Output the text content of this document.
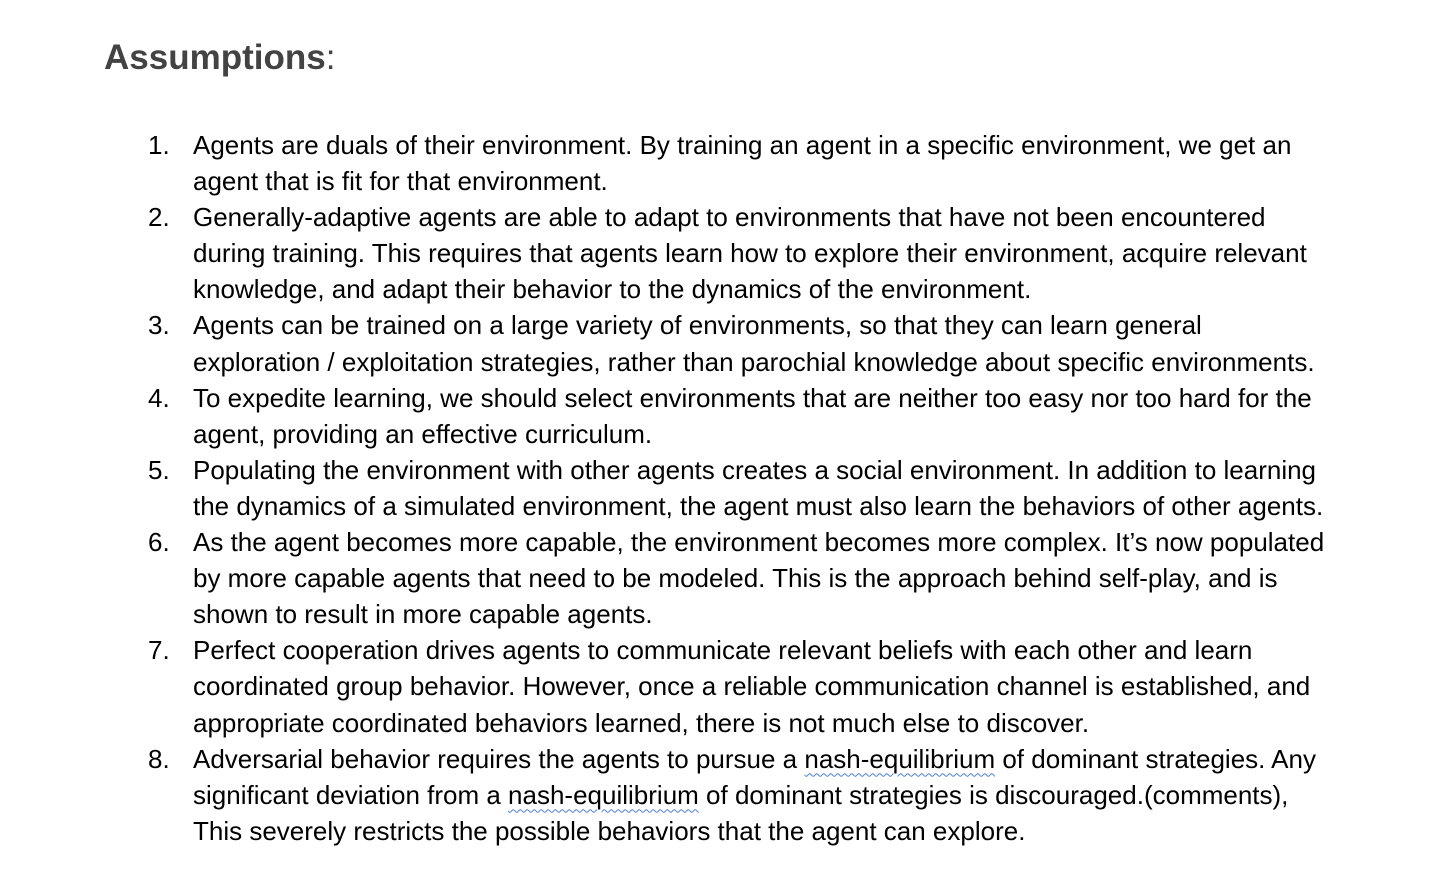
Assumptions:
1. Agents are duals of their environment. By training an agent in a specific environment, we get an
agent that is fit for that environment.
2. Generally-adaptive agents are able to adapt to environments that have not been encountered
during training. This requires that agents learn how to explore their environment, acquire relevant
knowledge, and adapt their behavior to the dynamics of the environment.
3. Agents can be trained on a large variety of environments, so that they can learn general
exploration / exploitation strategies, rather than parochial knowledge about specific environments.
4. To expedite learning, we should select environments that are neither too easy nor too hard for the
agent, providing an effective curriculum.
5. Populating the environment with other agents creates a social environment. In addition to learning
the dynamics of a simulated environment, the agent must also learn the behaviors of other agents.
6. As the agent becomes more capable, the environment becomes more complex. It’s now populated
by more capable agents that need to be modeled. This is the approach behind self-play, and is
shown to result in more capable agents.
7. Perfect cooperation drives agents to communicate relevant beliefs with each other and learn
coordinated group behavior. However, once a reliable communication channel is established, and
appropriate coordinated behaviors learned, there is not much else to discover.
8. Adversarial behavior requires the agents to pursue a nash-equilibrium of dominant strategies. Any
significant deviation from a nash-equilibrium of dominant strategies is discouraged.(comments),
This severely restricts the possible behaviors that the agent can explore.
